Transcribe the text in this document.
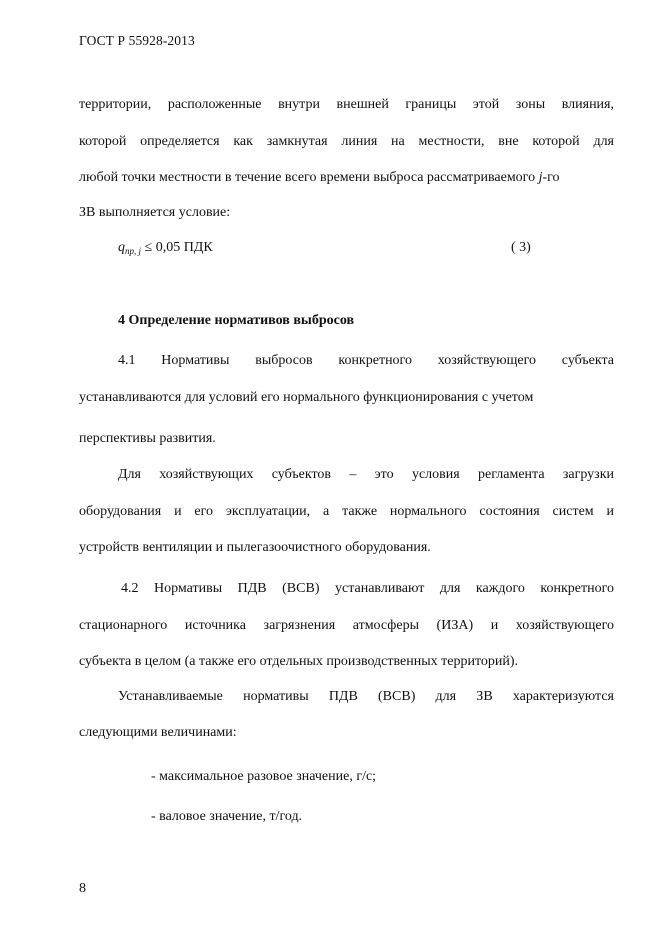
ГОСТ Р 55928-2013
территории, расположенные внутри внешней границы этой зоны влияния,
которой определяется как замкнутая линия на местности, вне которой для
любой точки местности в течение всего времени выброса рассматриваемого j-го
ЗВ выполняется условие:
$q_{пр, j} \le 0,05$ ПДК	( 3)
4 Определение нормативов выбросов
4.1 Нормативы выбросов конкретного хозяйствующего субъекта
устанавливаются для условий его нормального функционирования с учетом
перспективы развития.
Для хозяйствующих субъектов – это условия регламента загрузки
оборудования и его эксплуатации, а также нормального состояния систем и
устройств вентиляции и пылегазоочистного оборудования.
4.2 Нормативы ПДВ (ВСВ) устанавливают для каждого конкретного
стационарного источника загрязнения атмосферы (ИЗА) и хозяйствующего
субъекта в целом (а также его отдельных производственных территорий).
Устанавливаемые нормативы ПДВ (ВСВ) для ЗВ характеризуются
следующими величинами:
- максимальное разовое значение, г/с;
- валовое значение, т/год.
8
